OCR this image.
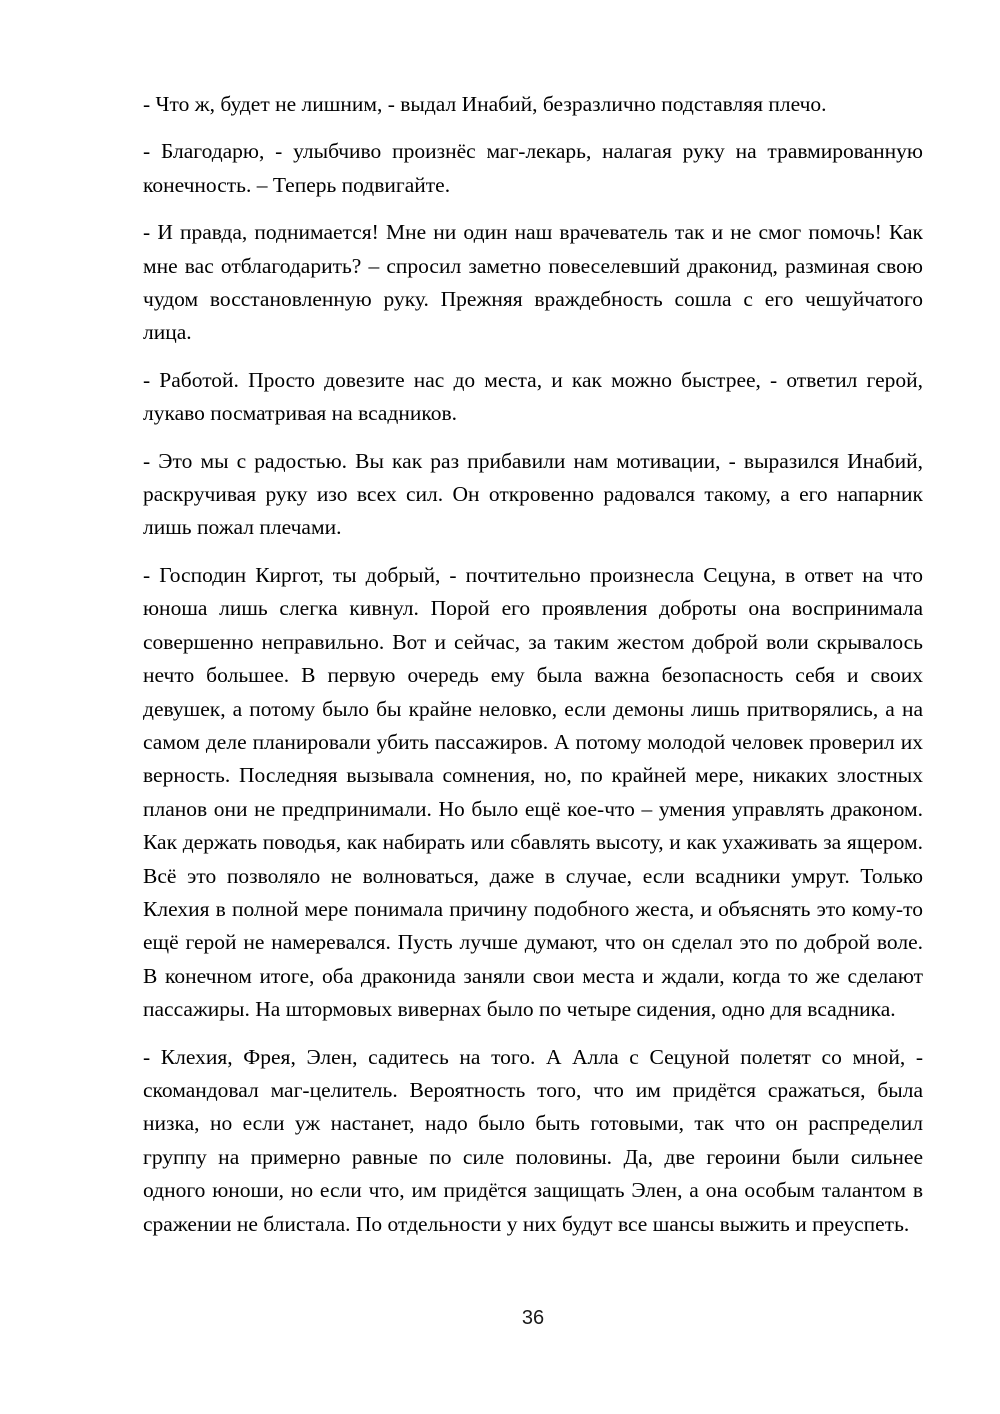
- Что ж, будет не лишним, - выдал Инабий, безразлично подставляя плечо.

- Благодарю, - улыбчиво произнёс маг-лекарь, налагая руку на травмированную конечность. – Теперь подвигайте.

- И правда, поднимается! Мне ни один наш врачеватель так и не смог помочь! Как мне вас отблагодарить? – спросил заметно повеселевший драконид, разминая свою чудом восстановленную руку. Прежняя враждебность сошла с его чешуйчатого лица.

- Работой. Просто довезите нас до места, и как можно быстрее, - ответил герой, лукаво посматривая на всадников.

- Это мы с радостью. Вы как раз прибавили нам мотивации, - выразился Инабий, раскручивая руку изо всех сил. Он откровенно радовался такому, а его напарник лишь пожал плечами.

- Господин Киргот, ты добрый, - почтительно произнесла Сецуна, в ответ на что юноша лишь слегка кивнул. Порой его проявления доброты она воспринимала совершенно неправильно. Вот и сейчас, за таким жестом доброй воли скрывалось нечто большее. В первую очередь ему была важна безопасность себя и своих девушек, а потому было бы крайне неловко, если демоны лишь притворялись, а на самом деле планировали убить пассажиров. А потому молодой человек проверил их верность. Последняя вызывала сомнения, но, по крайней мере, никаких злостных планов они не предпринимали. Но было ещё кое-что – умения управлять драконом. Как держать поводья, как набирать или сбавлять высоту, и как ухаживать за ящером. Всё это позволяло не волноваться, даже в случае, если всадники умрут. Только Клехия в полной мере понимала причину подобного жеста, и объяснять это кому-то ещё герой не намеревался. Пусть лучше думают, что он сделал это по доброй воле. В конечном итоге, оба драконида заняли свои места и ждали, когда то же сделают пассажиры. На штормовых вивернах было по четыре сидения, одно для всадника.

- Клехия, Фрея, Элен, садитесь на того. А Алла с Сецуной полетят со мной, - скомандовал маг-целитель. Вероятность того, что им придётся сражаться, была низка, но если уж настанет, надо было быть готовыми, так что он распределил группу на примерно равные по силе половины. Да, две героини были сильнее одного юноши, но если что, им придётся защищать Элен, а она особым талантом в сражении не блистала. По отдельности у них будут все шансы выжить и преуспеть.

36
